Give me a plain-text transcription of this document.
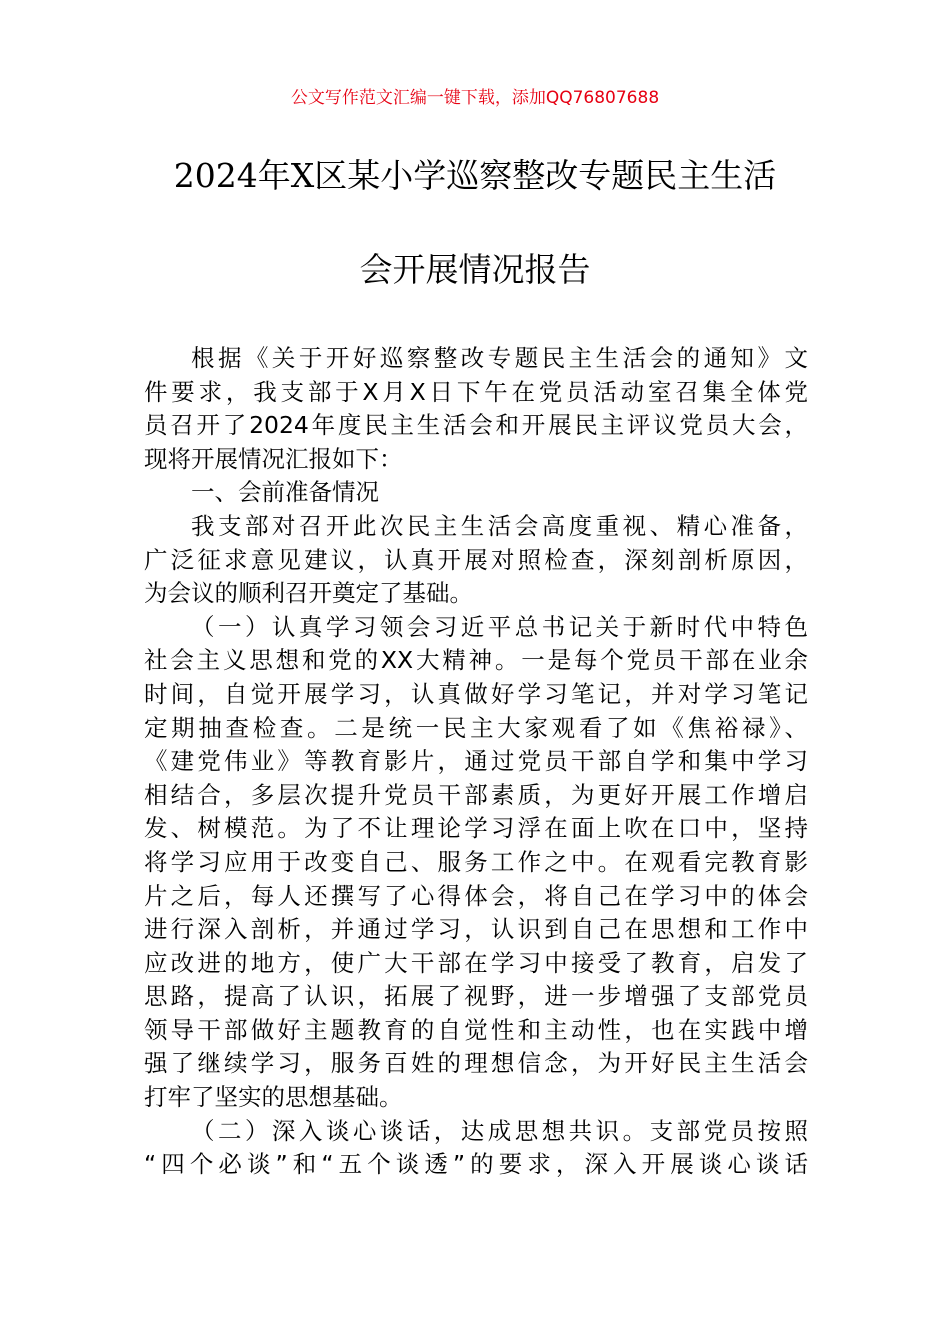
公文写作范文汇编一键下载，添加QQ76807688
2024年X区某小学巡察整改专题民主生活
会开展情况报告
根据《关于开好巡察整改专题民主生活会的通知》文
件要求，我支部于X月X日下午在党员活动室召集全体党
员召开了2024年度民主生活会和开展民主评议党员大会，
现将开展情况汇报如下：
一、会前准备情况
我支部对召开此次民主生活会高度重视、精心准备，
广泛征求意见建议，认真开展对照检查，深刻剖析原因，
为会议的顺利召开奠定了基础。
（一）认真学习领会习近平总书记关于新时代中特色
社会主义思想和党的XX大精神。一是每个党员干部在业余
时间，自觉开展学习，认真做好学习笔记，并对学习笔记
定期抽查检查。二是统一民主大家观看了如《焦裕禄》、
《建党伟业》等教育影片，通过党员干部自学和集中学习
相结合，多层次提升党员干部素质，为更好开展工作增启
发、树模范。为了不让理论学习浮在面上吹在口中，坚持
将学习应用于改变自己、服务工作之中。在观看完教育影
片之后，每人还撰写了心得体会，将自己在学习中的体会
进行深入剖析，并通过学习，认识到自己在思想和工作中
应改进的地方，使广大干部在学习中接受了教育，启发了
思路，提高了认识，拓展了视野，进一步增强了支部党员
领导干部做好主题教育的自觉性和主动性，也在实践中增
强了继续学习，服务百姓的理想信念，为开好民主生活会
打牢了坚实的思想基础。
（二）深入谈心谈话，达成思想共识。支部党员按照
“四个必谈”和“五个谈透”的要求，深入开展谈心谈话
